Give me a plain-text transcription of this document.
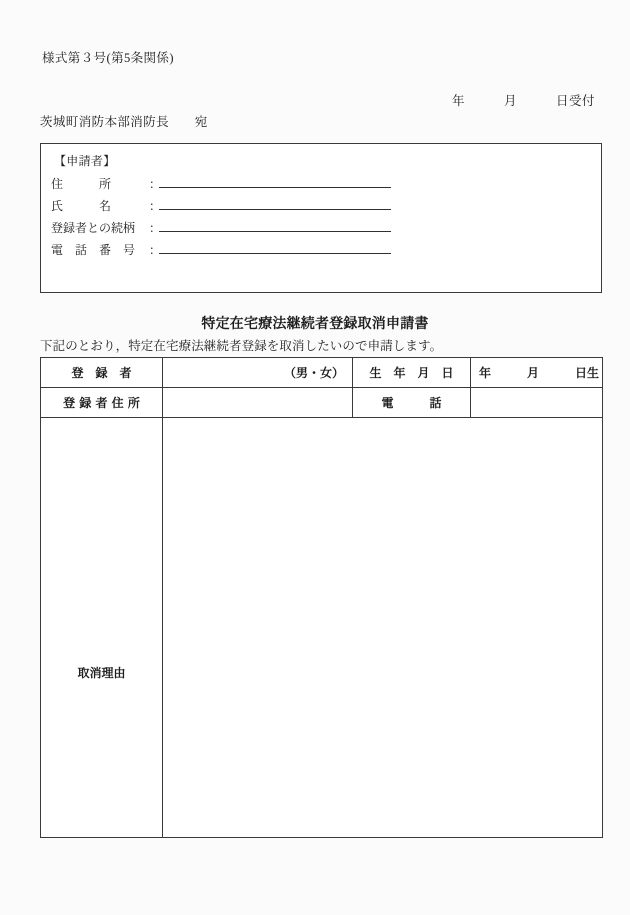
様式第３号(第5条関係)
年　　　月　　　日受付
茨城町消防本部消防長　　宛
【申請者】
住　　　所	：
氏　　　名	：
登録者との続柄	：
電　話　番　号	：
特定在宅療法継続者登録取消申請書
下記のとおり，特定在宅療法継続者登録を取消したいので申請します。
登　録　者	（男・女）	生　年　月　日	年　　　月　　　日生
登 録 者 住 所		電　　　話	
取消理由			
